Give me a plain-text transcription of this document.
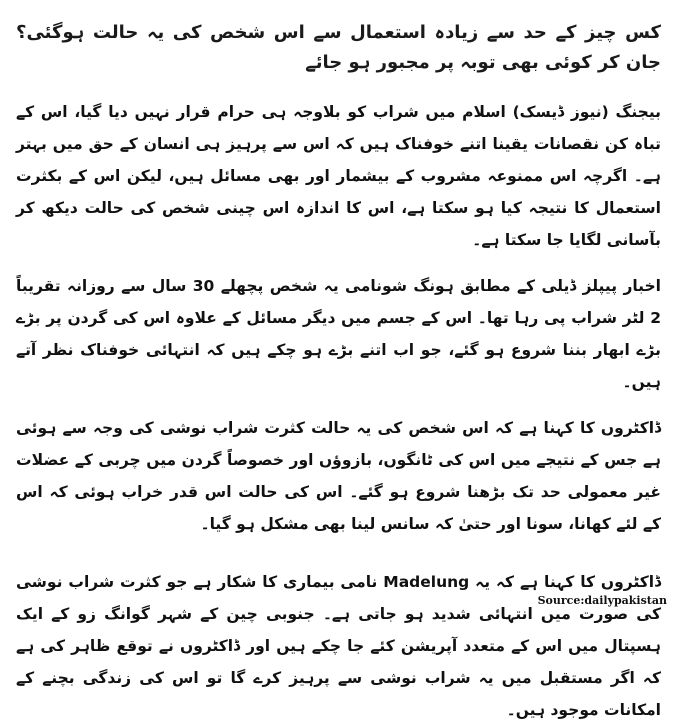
کس چیز کے حد سے زیادہ استعمال سے اس شخص کی یہ حالت ہوگئی؟ جان کر کوئی بھی توبہ پر مجبور ہو جائے

بیجنگ (نیوز ڈیسک) اسلام میں شراب کو بلاوجہ ہی حرام قرار نہیں دیا گیا، اس کے تباہ کن نقصانات یقینا اتنے خوفناک ہیں کہ اس سے پرہیز ہی انسان کے حق میں بہتر ہے۔ اگرچہ اس ممنوعہ مشروب کے بیشمار اور بھی مسائل ہیں، لیکن اس کے بکثرت استعمال کا نتیجہ کیا ہو سکتا ہے، اس کا اندازہ اس چینی شخص کی حالت دیکھ کر بآسانی لگایا جا سکتا ہے۔

اخبار پیپلز ڈیلی کے مطابق ہونگ شونامی یہ شخص پچھلے 30 سال سے روزانہ تقریباً 2 لٹر شراب پی رہا تھا۔ اس کے جسم میں دیگر مسائل کے علاوہ اس کی گردن پر بڑے بڑے ابھار بننا شروع ہو گئے، جو اب اتنے بڑے ہو چکے ہیں کہ انتہائی خوفناک نظر آتے ہیں۔

ڈاکٹروں کا کہنا ہے کہ اس شخص کی یہ حالت کثرت شراب نوشی کی وجہ سے ہوئی ہے جس کے نتیجے میں اس کی ٹانگوں، بازوؤں اور خصوصاً گردن میں چربی کے عضلات غیر معمولی حد تک بڑھنا شروع ہو گئے۔ اس کی حالت اس قدر خراب ہوئی کہ اس کے لئے کھانا، سونا اور حتیٰ کہ سانس لینا بھی مشکل ہو گیا۔

ڈاکٹروں کا کہنا ہے کہ یہ Madelung نامی بیماری کا شکار ہے جو کثرت شراب نوشی کی صورت میں انتہائی شدید ہو جاتی ہے۔ جنوبی چین کے شہر گوانگ زو کے ایک ہسپتال میں اس کے متعدد آپریشن کئے جا چکے ہیں اور ڈاکٹروں نے توقع ظاہر کی ہے کہ اگر مستقبل میں یہ شراب نوشی سے پرہیز کرے گا تو اس کی زندگی بچنے کے امکانات موجود ہیں۔

Source:dailypakistan
